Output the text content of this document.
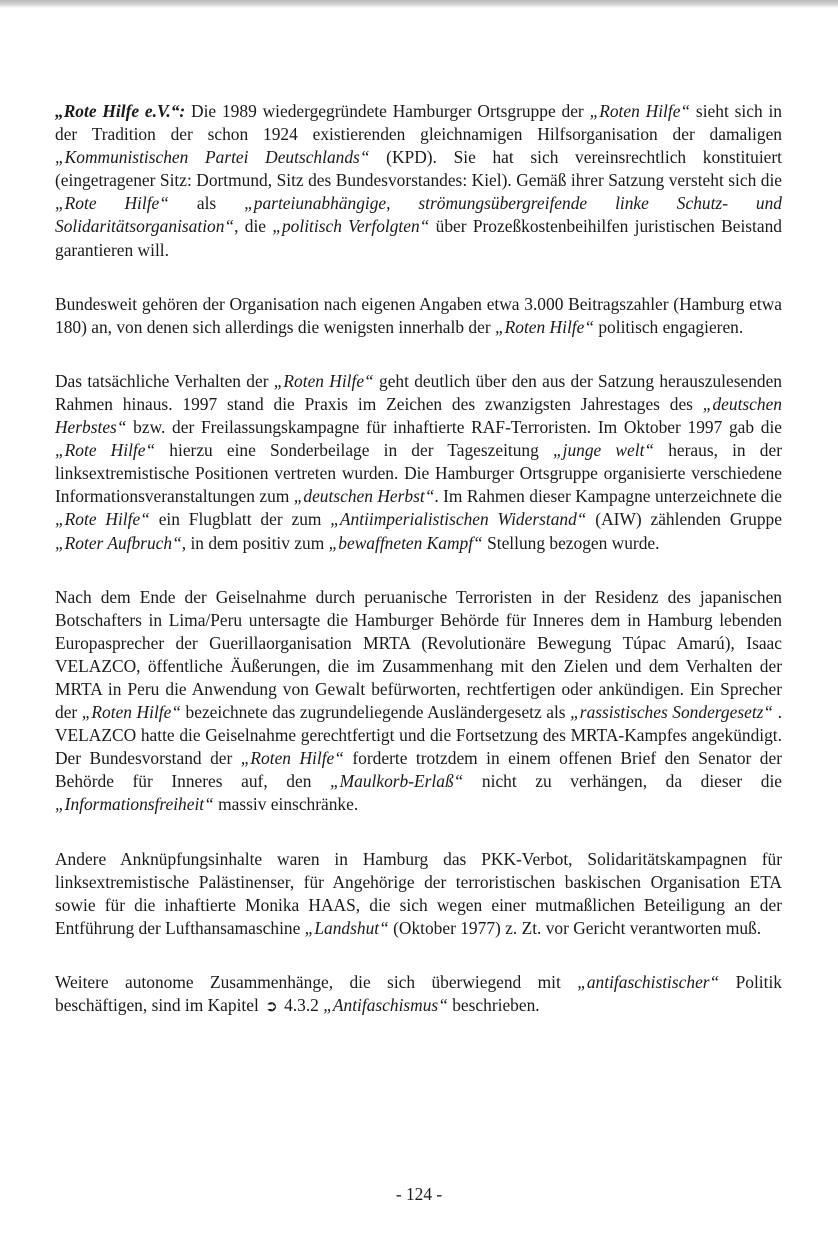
„Rote Hilfe e.V.“: Die 1989 wiedergegründete Hamburger Ortsgruppe der „Roten Hilfe“ sieht sich in der Tradition der schon 1924 existierenden gleichnamigen Hilfsorganisation der damaligen „Kommunistischen Partei Deutschlands“ (KPD). Sie hat sich vereinsrechtlich konstituiert (eingetragener Sitz: Dortmund, Sitz des Bundesvorstandes: Kiel). Gemäß ihrer Satzung versteht sich die „Rote Hilfe“ als „parteiunabhängige, strömungsübergreifende linke Schutz- und Solidaritätsorganisation“, die „politisch Verfolgten“ über Prozeßkostenbeihilfen juristischen Beistand garantieren will.

Bundesweit gehören der Organisation nach eigenen Angaben etwa 3.000 Beitragszahler (Hamburg etwa 180) an, von denen sich allerdings die wenigsten innerhalb der „Roten Hilfe“ politisch engagieren.

Das tatsächliche Verhalten der „Roten Hilfe“ geht deutlich über den aus der Satzung herauszulesenden Rahmen hinaus. 1997 stand die Praxis im Zeichen des zwanzigsten Jahrestages des „deutschen Herbstes“ bzw. der Freilassungskampagne für inhaftierte RAF-Terroristen. Im Oktober 1997 gab die „Rote Hilfe“ hierzu eine Sonderbeilage in der Tageszeitung „junge welt“ heraus, in der linksextremistische Positionen vertreten wurden. Die Hamburger Ortsgruppe organisierte verschiedene Informationsveranstaltungen zum „deutschen Herbst“. Im Rahmen dieser Kampagne unterzeichnete die „Rote Hilfe“ ein Flugblatt der zum „Antiimperialistischen Widerstand“ (AIW) zählenden Gruppe „Roter Aufbruch“, in dem positiv zum „bewaffneten Kampf“ Stellung bezogen wurde.

Nach dem Ende der Geiselnahme durch peruanische Terroristen in der Residenz des japanischen Botschafters in Lima/Peru untersagte die Hamburger Behörde für Inneres dem in Hamburg lebenden Europasprecher der Guerillaorganisation MRTA (Revolutionäre Bewegung Túpac Amarú), Isaac VELAZCO, öffentliche Äußerungen, die im Zusammenhang mit den Zielen und dem Verhalten der MRTA in Peru die Anwendung von Gewalt befürworten, rechtfertigen oder ankündigen. Ein Sprecher der „Roten Hilfe“ bezeichnete das zugrundeliegende Ausländergesetz als „rassistisches Sondergesetz“ . VELAZCO hatte die Geiselnahme gerechtfertigt und die Fortsetzung des MRTA-Kampfes angekündigt. Der Bundesvorstand der „Roten Hilfe“ forderte trotzdem in einem offenen Brief den Senator der Behörde für Inneres auf, den „Maulkorb-Erlaß“ nicht zu verhängen, da dieser die „Informationsfreiheit“ massiv einschränke.

Andere Anknüpfungsinhalte waren in Hamburg das PKK-Verbot, Solidaritätskampagnen für linksextremistische Palästinenser, für Angehörige der terroristischen baskischen Organisation ETA sowie für die inhaftierte Monika HAAS, die sich wegen einer mutmaßlichen Beteiligung an der Entführung der Lufthansamaschine „Landshut“ (Oktober 1977) z. Zt. vor Gericht verantworten muß.

Weitere autonome Zusammenhänge, die sich überwiegend mit „antifaschistischer“ Politik beschäftigen, sind im Kapitel ➲ 4.3.2 „Antifaschismus“ beschrieben.

- 124 -
